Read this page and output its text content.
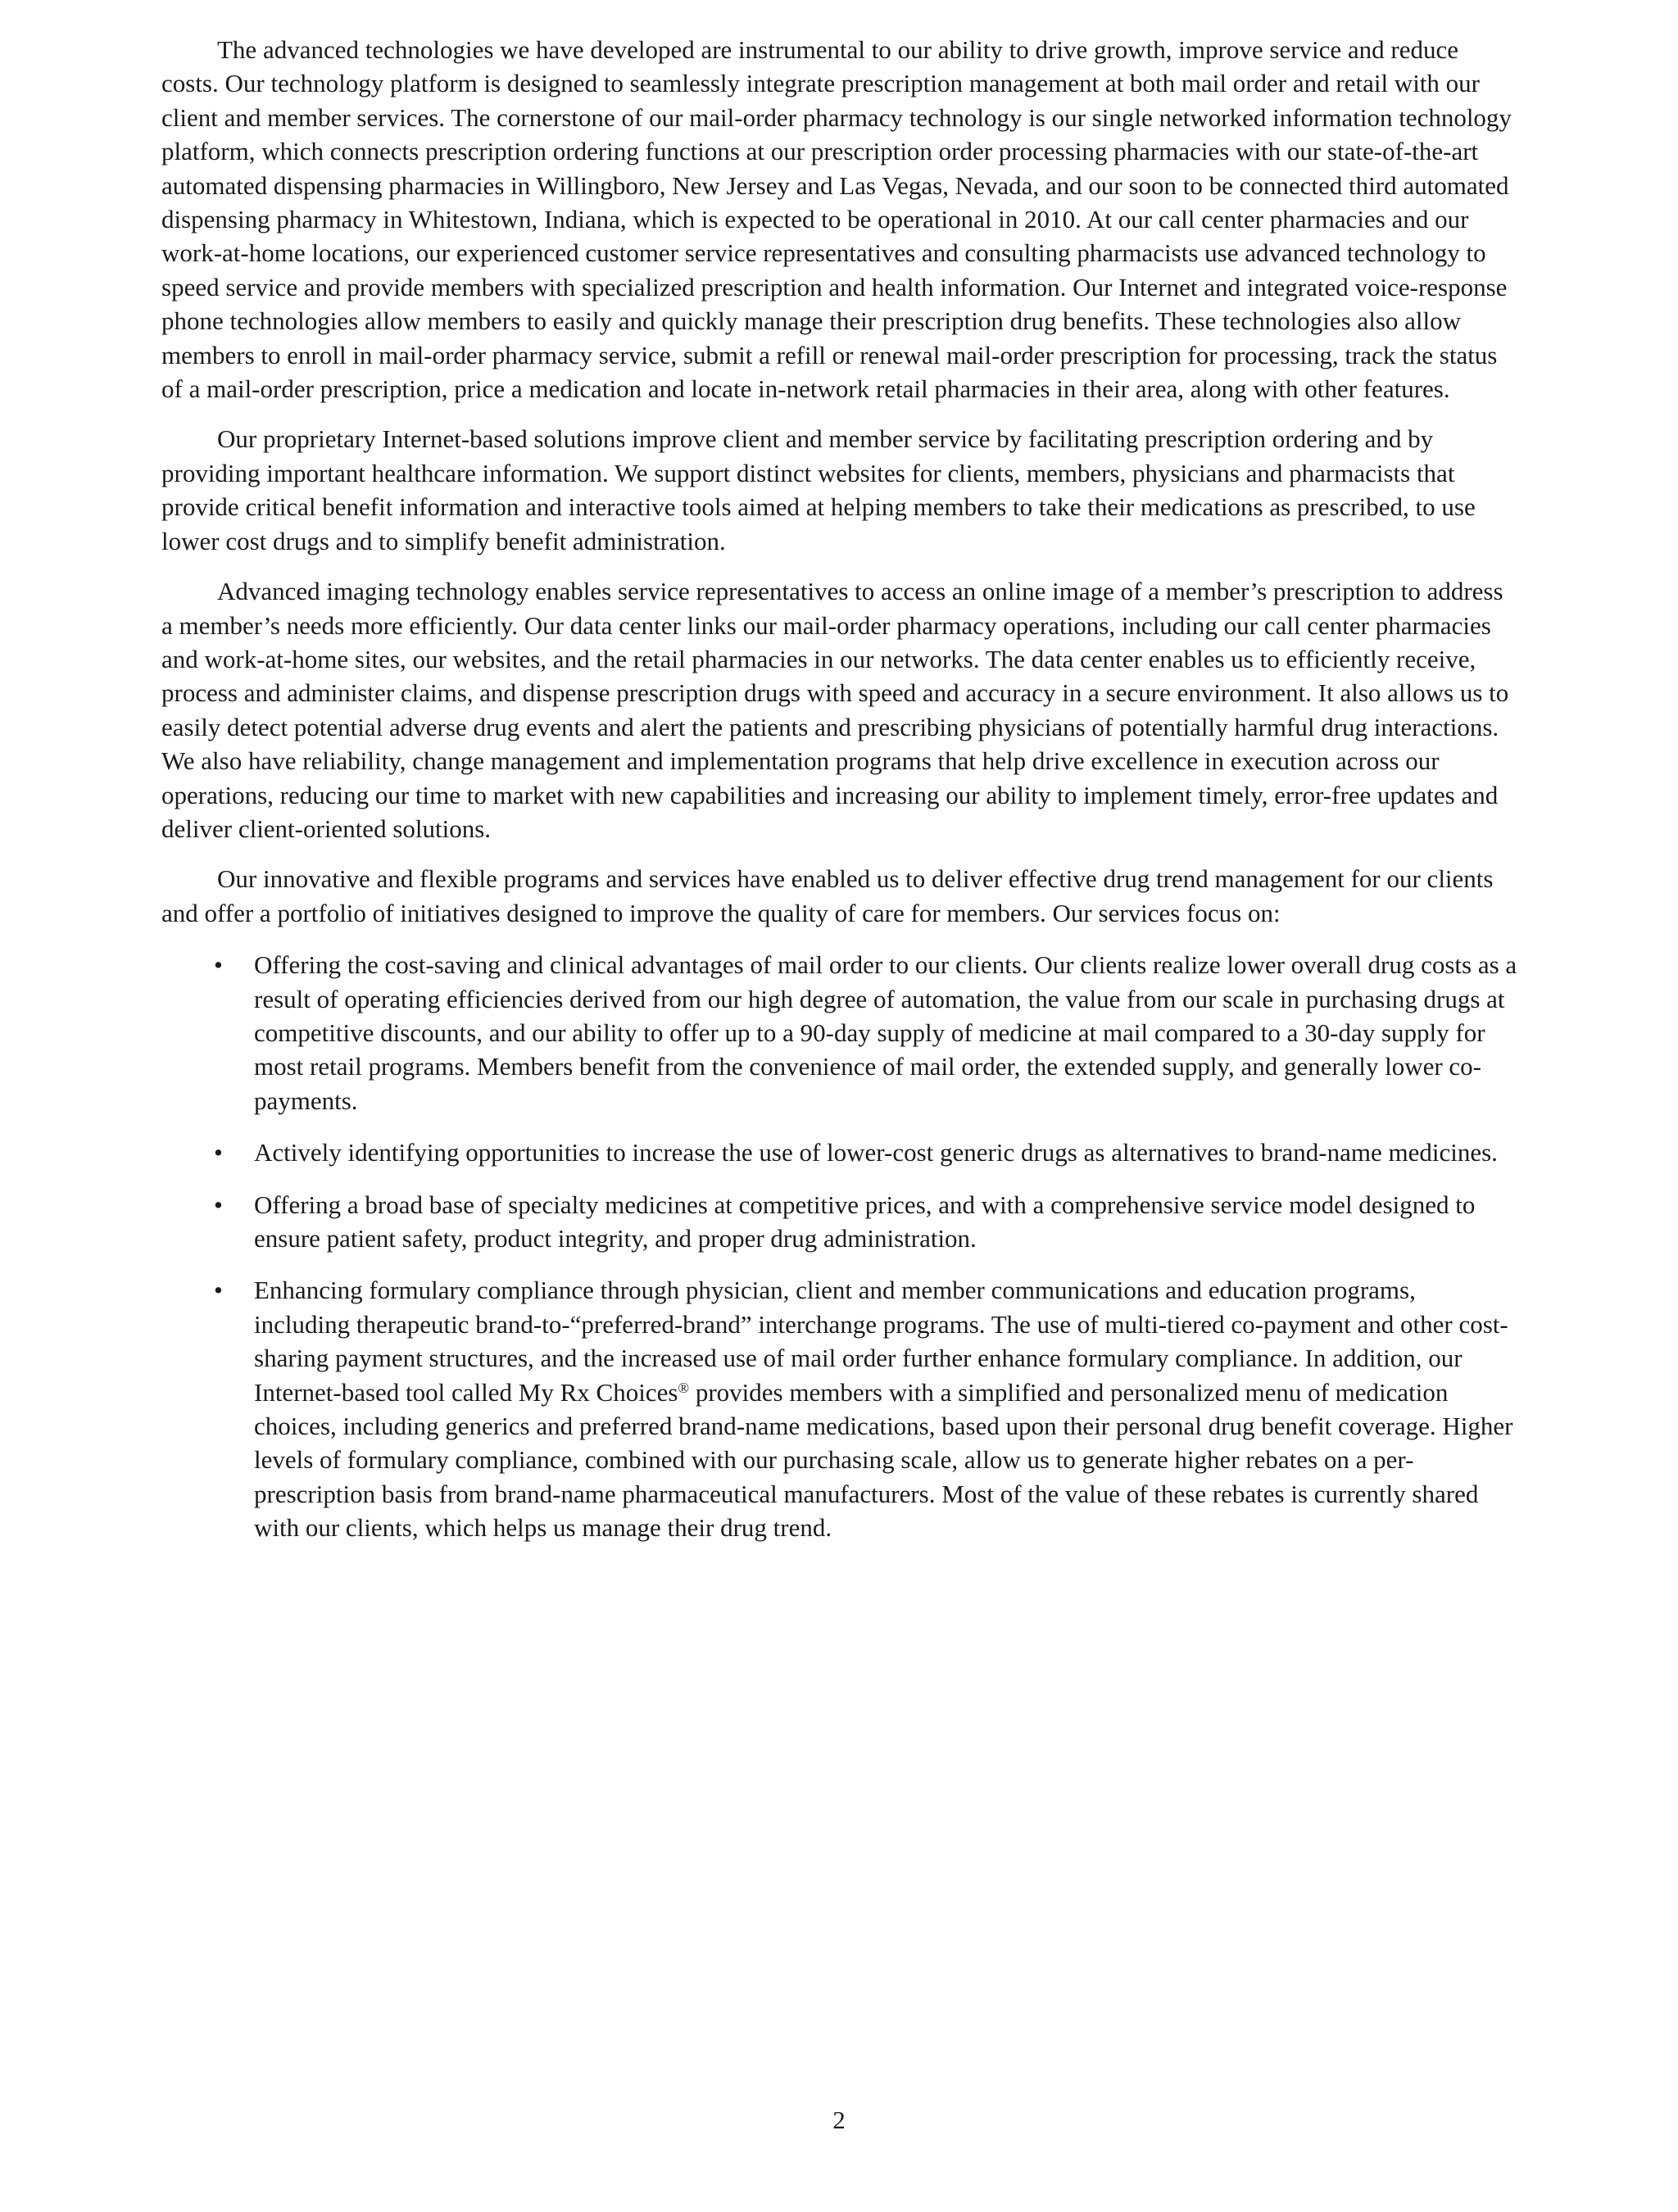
The advanced technologies we have developed are instrumental to our ability to drive growth, improve service and reduce costs. Our technology platform is designed to seamlessly integrate prescription management at both mail order and retail with our client and member services. The cornerstone of our mail-order pharmacy technology is our single networked information technology platform, which connects prescription ordering functions at our prescription order processing pharmacies with our state-of-the-art automated dispensing pharmacies in Willingboro, New Jersey and Las Vegas, Nevada, and our soon to be connected third automated dispensing pharmacy in Whitestown, Indiana, which is expected to be operational in 2010. At our call center pharmacies and our work-at-home locations, our experienced customer service representatives and consulting pharmacists use advanced technology to speed service and provide members with specialized prescription and health information. Our Internet and integrated voice-response phone technologies allow members to easily and quickly manage their prescription drug benefits. These technologies also allow members to enroll in mail-order pharmacy service, submit a refill or renewal mail-order prescription for processing, track the status of a mail-order prescription, price a medication and locate in-network retail pharmacies in their area, along with other features.

Our proprietary Internet-based solutions improve client and member service by facilitating prescription ordering and by providing important healthcare information. We support distinct websites for clients, members, physicians and pharmacists that provide critical benefit information and interactive tools aimed at helping members to take their medications as prescribed, to use lower cost drugs and to simplify benefit administration.

Advanced imaging technology enables service representatives to access an online image of a member’s prescription to address a member’s needs more efficiently. Our data center links our mail-order pharmacy operations, including our call center pharmacies and work-at-home sites, our websites, and the retail pharmacies in our networks. The data center enables us to efficiently receive, process and administer claims, and dispense prescription drugs with speed and accuracy in a secure environment. It also allows us to easily detect potential adverse drug events and alert the patients and prescribing physicians of potentially harmful drug interactions. We also have reliability, change management and implementation programs that help drive excellence in execution across our operations, reducing our time to market with new capabilities and increasing our ability to implement timely, error-free updates and deliver client-oriented solutions.

Our innovative and flexible programs and services have enabled us to deliver effective drug trend management for our clients and offer a portfolio of initiatives designed to improve the quality of care for members. Our services focus on:

• Offering the cost-saving and clinical advantages of mail order to our clients. Our clients realize lower overall drug costs as a result of operating efficiencies derived from our high degree of automation, the value from our scale in purchasing drugs at competitive discounts, and our ability to offer up to a 90-day supply of medicine at mail compared to a 30-day supply for most retail programs. Members benefit from the convenience of mail order, the extended supply, and generally lower co-payments.
• Actively identifying opportunities to increase the use of lower-cost generic drugs as alternatives to brand-name medicines.
• Offering a broad base of specialty medicines at competitive prices, and with a comprehensive service model designed to ensure patient safety, product integrity, and proper drug administration.
• Enhancing formulary compliance through physician, client and member communications and education programs, including therapeutic brand-to-“preferred-brand” interchange programs. The use of multi-tiered co-payment and other cost-sharing payment structures, and the increased use of mail order further enhance formulary compliance. In addition, our Internet-based tool called My Rx Choices® provides members with a simplified and personalized menu of medication choices, including generics and preferred brand-name medications, based upon their personal drug benefit coverage. Higher levels of formulary compliance, combined with our purchasing scale, allow us to generate higher rebates on a per-prescription basis from brand-name pharmaceutical manufacturers. Most of the value of these rebates is currently shared with our clients, which helps us manage their drug trend.
2
